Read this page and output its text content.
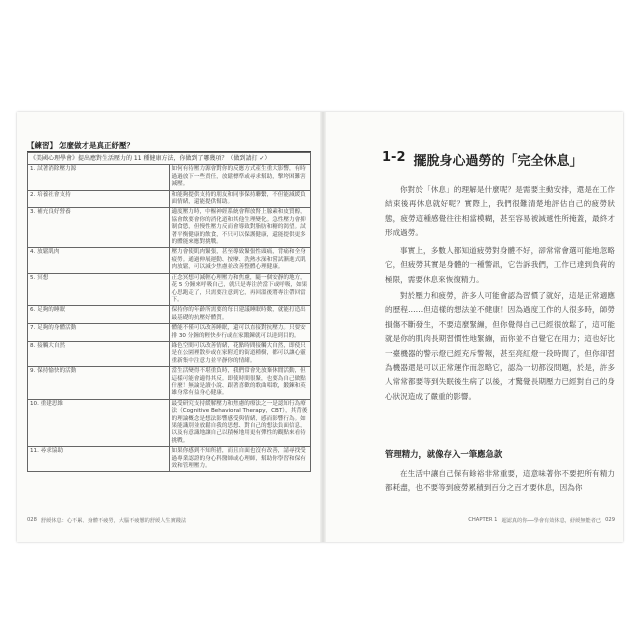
【練習】 怎麼做才是真正紓壓？
《美國心理學會》提出應對生活壓力的 11 種健康方法，你做到了哪幾項？（做到請打 ✓）	
1. 試著消除壓力源	如何有待壓力源會對你的反應方式產生重大影響，有時過過放下一些責任，放鬆標準或尋求幫助，擊垮困難害減壓。
2. 培養社會支持	和能夠提供支持的朋友和同事保持聯繫，不但能減緩負面情緒，還能提供幫助。
3. 補充良好營養	適度壓力時，中樞神經系統會釋放腎上腺素和皮質醇，協會飲要會你的消化道和其他生理變化。急性壓力會抑制食慾，但慢性壓力反而會導致對脂肪和糖的渴望。試著平衡健康的飲食，不只可以保護健康，還能提供更多的體能來應對挑戰。
4. 放鬆肌肉	壓力會使肌肉緊張，甚至導致緊張性頭痛，背痛和全身疲勞。通過伸展運動、按摩、洗熱水澡和嘗試漸進式肌肉放鬆，可以減少焦慮並改善整體心理健康。
5. 冥想	正念冥想可減輕心理壓力和焦慮，隨一個安靜的地方，花 5 分鐘來呼吸自己，就只是專注於當下或呼吸，如果心思跑走了，只需要注意到它，再回溫後將專注帶回當下。
6. 足夠的睡眠	保持你的年齡所需要的每日建議睡眠時數，就能打造出最基礎的抗壓好體質。
7. 足夠的身體活動	體能不僅可以改善睡眠，還可以直接對抗壓力。只要安排 30 分鐘的輕快步行或在家鍛鍊就可以達到目的。
8. 接觸大自然	綠色空間可以改善情緒，花點時間接觸大自然，即使只是在公園裡散步或在家附近的街道種樹，都可以讓心靈重新集中注意力並平靜你的情緒。
9. 保持愉快的活動	當生活變得不堪重負時，我們常會先放棄休閒活動，但這樣可能會適得其反。即使時間很緊，也要為自己做點什麼！無論是讀小說、跟著喜歡的歌曲唱歌，鍛鍊和英雄身常有益身心健康。
10. 重建思維	最受研究支持緩解壓力和焦慮的療法之一是認知行為療法（Cognitive Behavioral Therapy，CBT），其背後的理論概念是想法影響感受與情緒，感而影響行為。如果能識別並放鬆自我的思想、對自己的想法負面信息，以及有意識地讓自己以積極地用更有彈性的觀點來看待挑戰。
11. 尋求協助	如果你感到不知所措，而且自面也沒有改善，請尋找受過專業認證的身心科醫師或心理師，幫助你學習和保有效和管理壓力。
028 舒緩休息：心不累、身體不疲勞，大腦不疲憊的舒緩人生實踐法
1-2 擺脫身心過勞的「完全休息」

你對於「休息」的理解是什麼呢？是需要主動安排，還是在工作結束後再休息就好呢？實際上，我們很難清楚地評估自己的疲勞狀態，疲勞這種感覺往往相當模糊，甚至容易被減遞性所掩蓋，最終才形成過勞。

事實上，多數人都知道疲勞對身體不好，卻常常會選可能地忽略它，但疲勞其實是身體的一種警訊，它告訴我們，工作已達到負荷的極限，需要休息來恢復精力。

對於壓力和疲勞，許多人可能會認為習慣了就好，這是正常適應的歷程……但這樣的想法並不健康！因為過度工作的人很多時，師勞損傷不斷發生，不要這麼緊繃，但你覺得自己已經很放鬆了，這可能就是你的肌肉長期習慣性地緊繃，而你並不自覺它在用力；這也好比一臺機器的警示燈已經充斥警報，甚至亮紅燈一段時間了，但你卻習為機器還是可以正常運作而忽略它，認為一切都沒問題，於是，許多人常常都要等到失眠後生病了以後，才驚覺長期壓力已經對自己的身心狀況造成了嚴重的影響。

管理精力，就像存入一筆應急款

在生活中讓自己保有餘裕非常重要，這意味著你不要把所有精力都耗盡，也不要等到疲勞累積到百分之百才要休息，因為你

CHAPTER 1 超認真的你──學會有效休息，紓緩無能者已 029
